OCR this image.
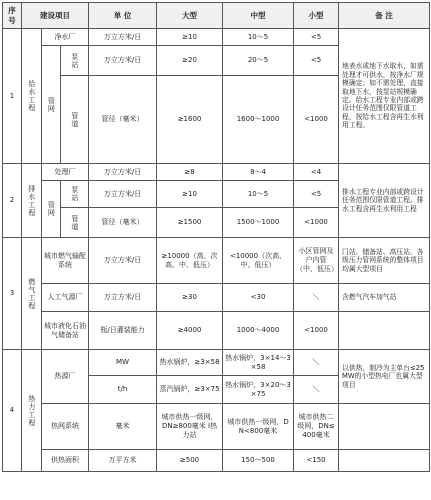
序号	建设项目			单 位	大型	中型	小型	备 注
1	给水工程	净水厂		万立方米/日	≥10	10～5	<5	地表水或地下水取水，如需处理才可供水，按净水厂规模确定；如不需处理，直接取地下水，按泵站规模确定。给水工程专业内部或跨设计任务范围仅限管道工程，按给水工程含再生水利用工程。
		管网	泵站	万立方米/日	≥20	20～5	<5	
			管道	管径（毫米）	≥1600	1600～1000	<1000	
2	排水工程	处理厂		万立方米/日	≥8	8～4	<4	排水工程专业内部或跨设计任务范围仅限管道工程。排水工程含再生水利用工程
		管网	泵站	万立方米/日	≥10	10～5	<5	
			管道	管径（毫米）	≥1500	1500～1000	<1000	
3	燃气工程	城市燃气输配系统		万立方米/日	≥10000（高、次高、中、低压）	<10000（次高、中、低压）	小区管网及户内管（中、低压）	门站、储备站、高压站、各级压力管网系统的整体项目均属大型项目
		人工气源厂		万立方米/日	≥30	<30	＼	含燃气汽车加气站
		城市液化石油气储备站		瓶/日灌装能力	≥4000	1000～4000	<1000	
4	热力工程	热源厂		MW	热水锅炉，≥3×58	热水锅炉，3×14～3×58	＼	以供热，制冷为主单台≤25MW的小型热电厂也属大型项目
				t/h	蒸汽锅炉，≥3×75	热水锅炉，3×20～3×75	＼	
		热网系统		毫米	城市供热一级网，DN≥800毫米 Ⅰ热力站	城市供热一级网，DN<800毫米	城市供热二级网，DN≤400毫米	
		供热面积		万平方米	≥500	150～500	<150	
